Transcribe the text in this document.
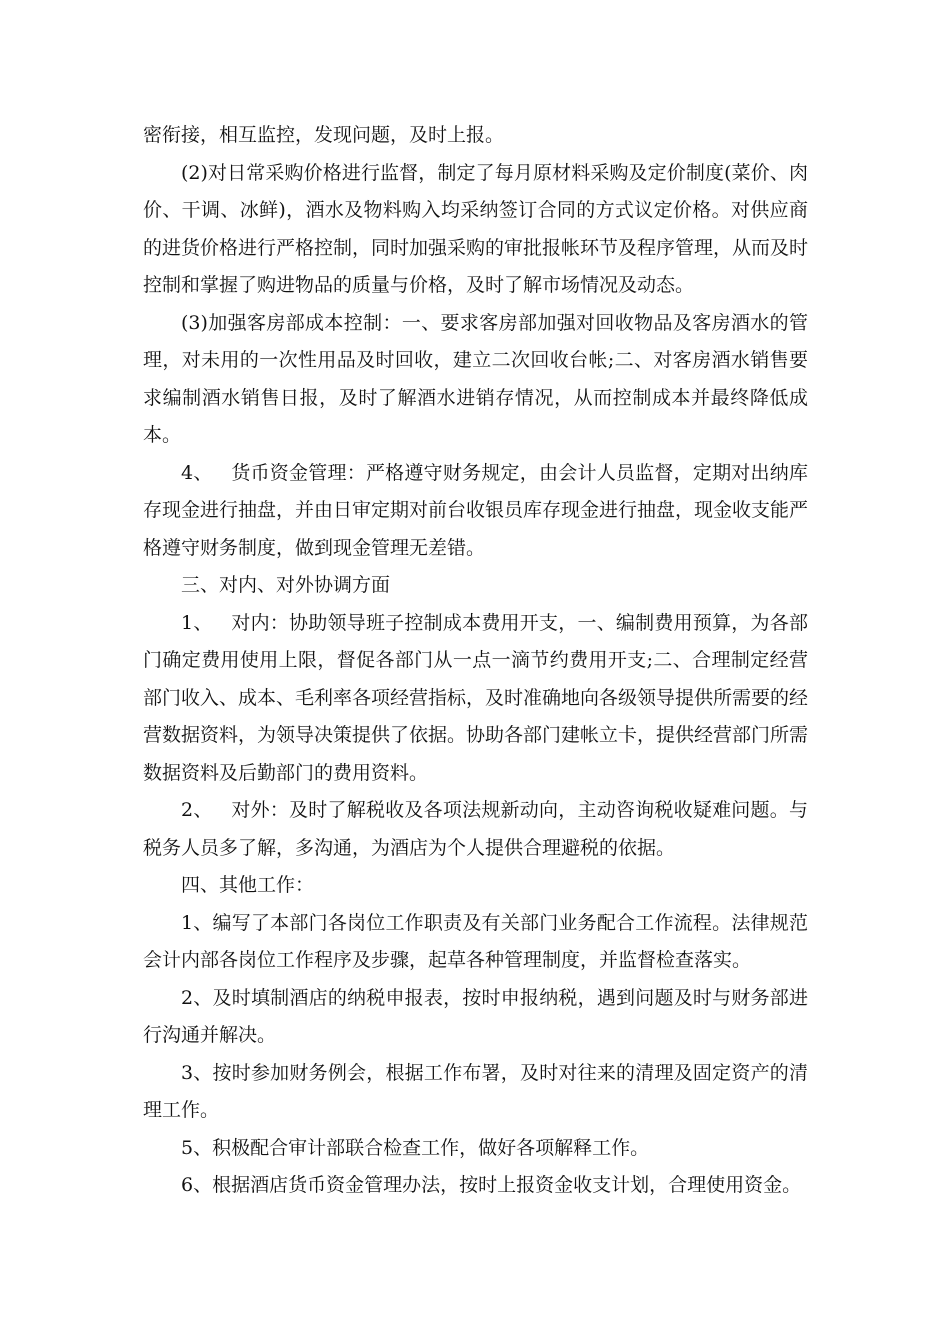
密衔接，相互监控，发现问题，及时上报。

(2)对日常采购价格进行监督，制定了每月原材料采购及定价制度(菜价、肉价、干调、冰鲜)，酒水及物料购入均采纳签订合同的方式议定价格。对供应商的进货价格进行严格控制，同时加强采购的审批报帐环节及程序管理，从而及时控制和掌握了购进物品的质量与价格，及时了解市场情况及动态。

(3)加强客房部成本控制：一、要求客房部加强对回收物品及客房酒水的管理，对未用的一次性用品及时回收，建立二次回收台帐;二、对客房酒水销售要求编制酒水销售日报，及时了解酒水进销存情况，从而控制成本并最终降低成本。

4、   货币资金管理：严格遵守财务规定，由会计人员监督，定期对出纳库存现金进行抽盘，并由日审定期对前台收银员库存现金进行抽盘，现金收支能严格遵守财务制度，做到现金管理无差错。

三、对内、对外协调方面

1、   对内：协助领导班子控制成本费用开支，一、编制费用预算，为各部门确定费用使用上限，督促各部门从一点一滴节约费用开支;二、合理制定经营部门收入、成本、毛利率各项经营指标，及时准确地向各级领导提供所需要的经营数据资料，为领导决策提供了依据。协助各部门建帐立卡，提供经营部门所需数据资料及后勤部门的费用资料。

2、   对外：及时了解税收及各项法规新动向，主动咨询税收疑难问题。与税务人员多了解，多沟通，为酒店为个人提供合理避税的依据。

四、其他工作：

1、编写了本部门各岗位工作职责及有关部门业务配合工作流程。法律规范会计内部各岗位工作程序及步骤，起草各种管理制度，并监督检查落实。

2、及时填制酒店的纳税申报表，按时申报纳税，遇到问题及时与财务部进行沟通并解决。

3、按时参加财务例会，根据工作布署，及时对往来的清理及固定资产的清理工作。

5、积极配合审计部联合检查工作，做好各项解释工作。

6、根据酒店货币资金管理办法，按时上报资金收支计划，合理使用资金。
